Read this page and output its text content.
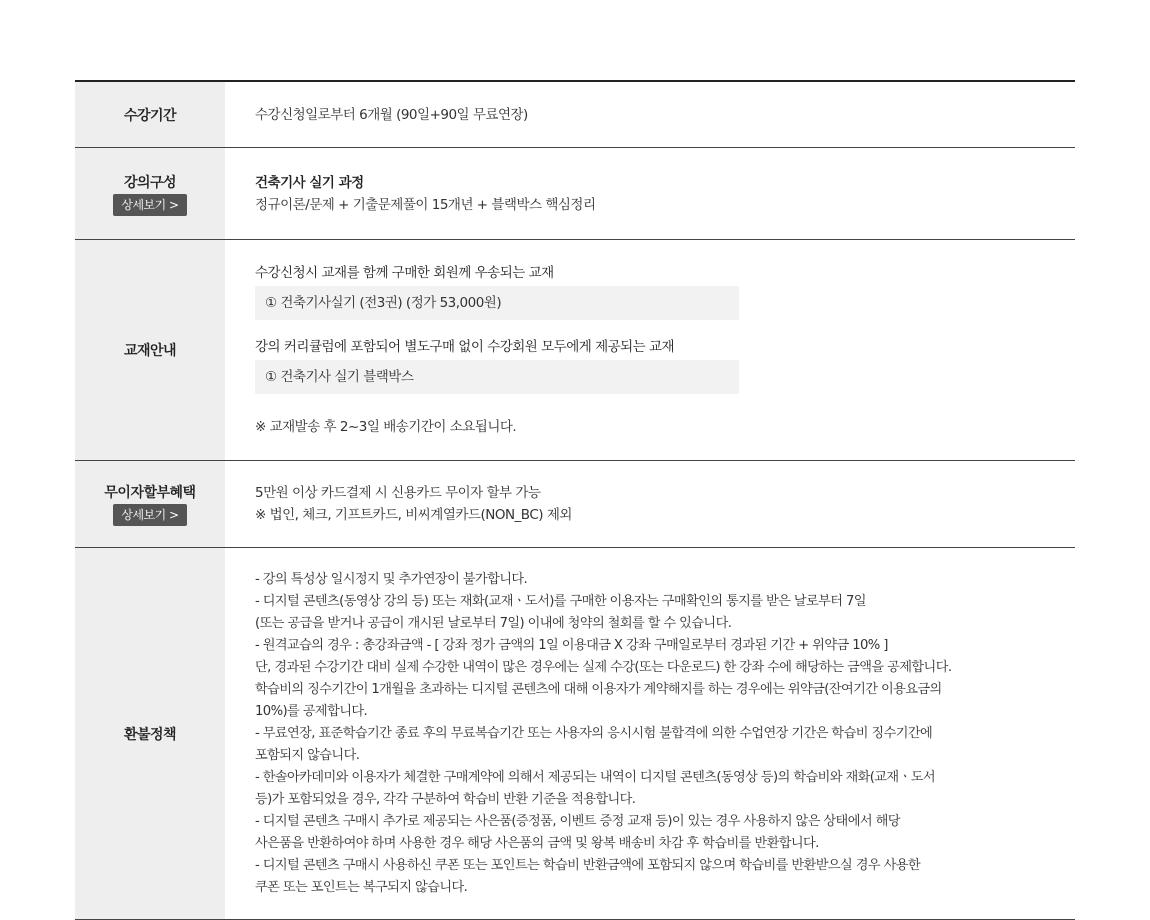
수강기간	수강신청일로부터 6개월 (90일+90일 무료연장)
강의구성
상세보기 >
건축기사 실기 과정
정규이론/문제 + 기출문제풀이 15개년 + 블랙박스 핵심정리
교재안내
수강신청시 교재를 함께 구매한 회원께 우송되는 교재
① 건축기사실기 (전3권) (정가 53,000원)
강의 커리큘럼에 포함되어 별도구매 없이 수강회원 모두에게 제공되는 교재
① 건축기사 실기 블랙박스
※ 교재발송 후 2~3일 배송기간이 소요됩니다.
무이자할부혜택
상세보기 >
5만원 이상 카드결제 시 신용카드 무이자 할부 가능
※ 법인, 체크, 기프트카드, 비씨계열카드(NON_BC) 제외
환불정책
- 강의 특성상 일시정지 및 추가연장이 불가합니다.
- 디지털 콘텐츠(동영상 강의 등) 또는 재화(교재ㆍ도서)를 구매한 이용자는 구매확인의 통지를 받은 날로부터 7일
(또는 공급을 받거나 공급이 개시된 날로부터 7일) 이내에 청약의 철회를 할 수 있습니다.
- 원격교습의 경우 : 총강좌금액 - [ 강좌 정가 금액의 1일 이용대금 X 강좌 구매일로부터 경과된 기간 + 위약금 10% ]
단, 경과된 수강기간 대비 실제 수강한 내역이 많은 경우에는 실제 수강(또는 다운로드) 한 강좌 수에 해당하는 금액을 공제합니다.
학습비의 징수기간이 1개월을 초과하는 디지털 콘텐츠에 대해 이용자가 계약해지를 하는 경우에는 위약금(잔여기간 이용요금의
10%)를 공제합니다.
- 무료연장, 표준학습기간 종료 후의 무료복습기간 또는 사용자의 응시시험 불합격에 의한 수업연장 기간은 학습비 징수기간에
포함되지 않습니다.
- 한솔아카데미와 이용자가 체결한 구매계약에 의해서 제공되는 내역이 디지털 콘텐츠(동영상 등)의 학습비와 재화(교재ㆍ도서
등)가 포함되었을 경우, 각각 구분하여 학습비 반환 기준을 적용합니다.
- 디지털 콘텐츠 구매시 추가로 제공되는 사은품(증정품, 이벤트 증정 교재 등)이 있는 경우 사용하지 않은 상태에서 해당
사은품을 반환하여야 하며 사용한 경우 해당 사은품의 금액 및 왕복 배송비 차감 후 학습비를 반환합니다.
- 디지털 콘텐츠 구매시 사용하신 쿠폰 또는 포인트는 학습비 반환금액에 포함되지 않으며 학습비를 반환받으실 경우 사용한
쿠폰 또는 포인트는 복구되지 않습니다.
